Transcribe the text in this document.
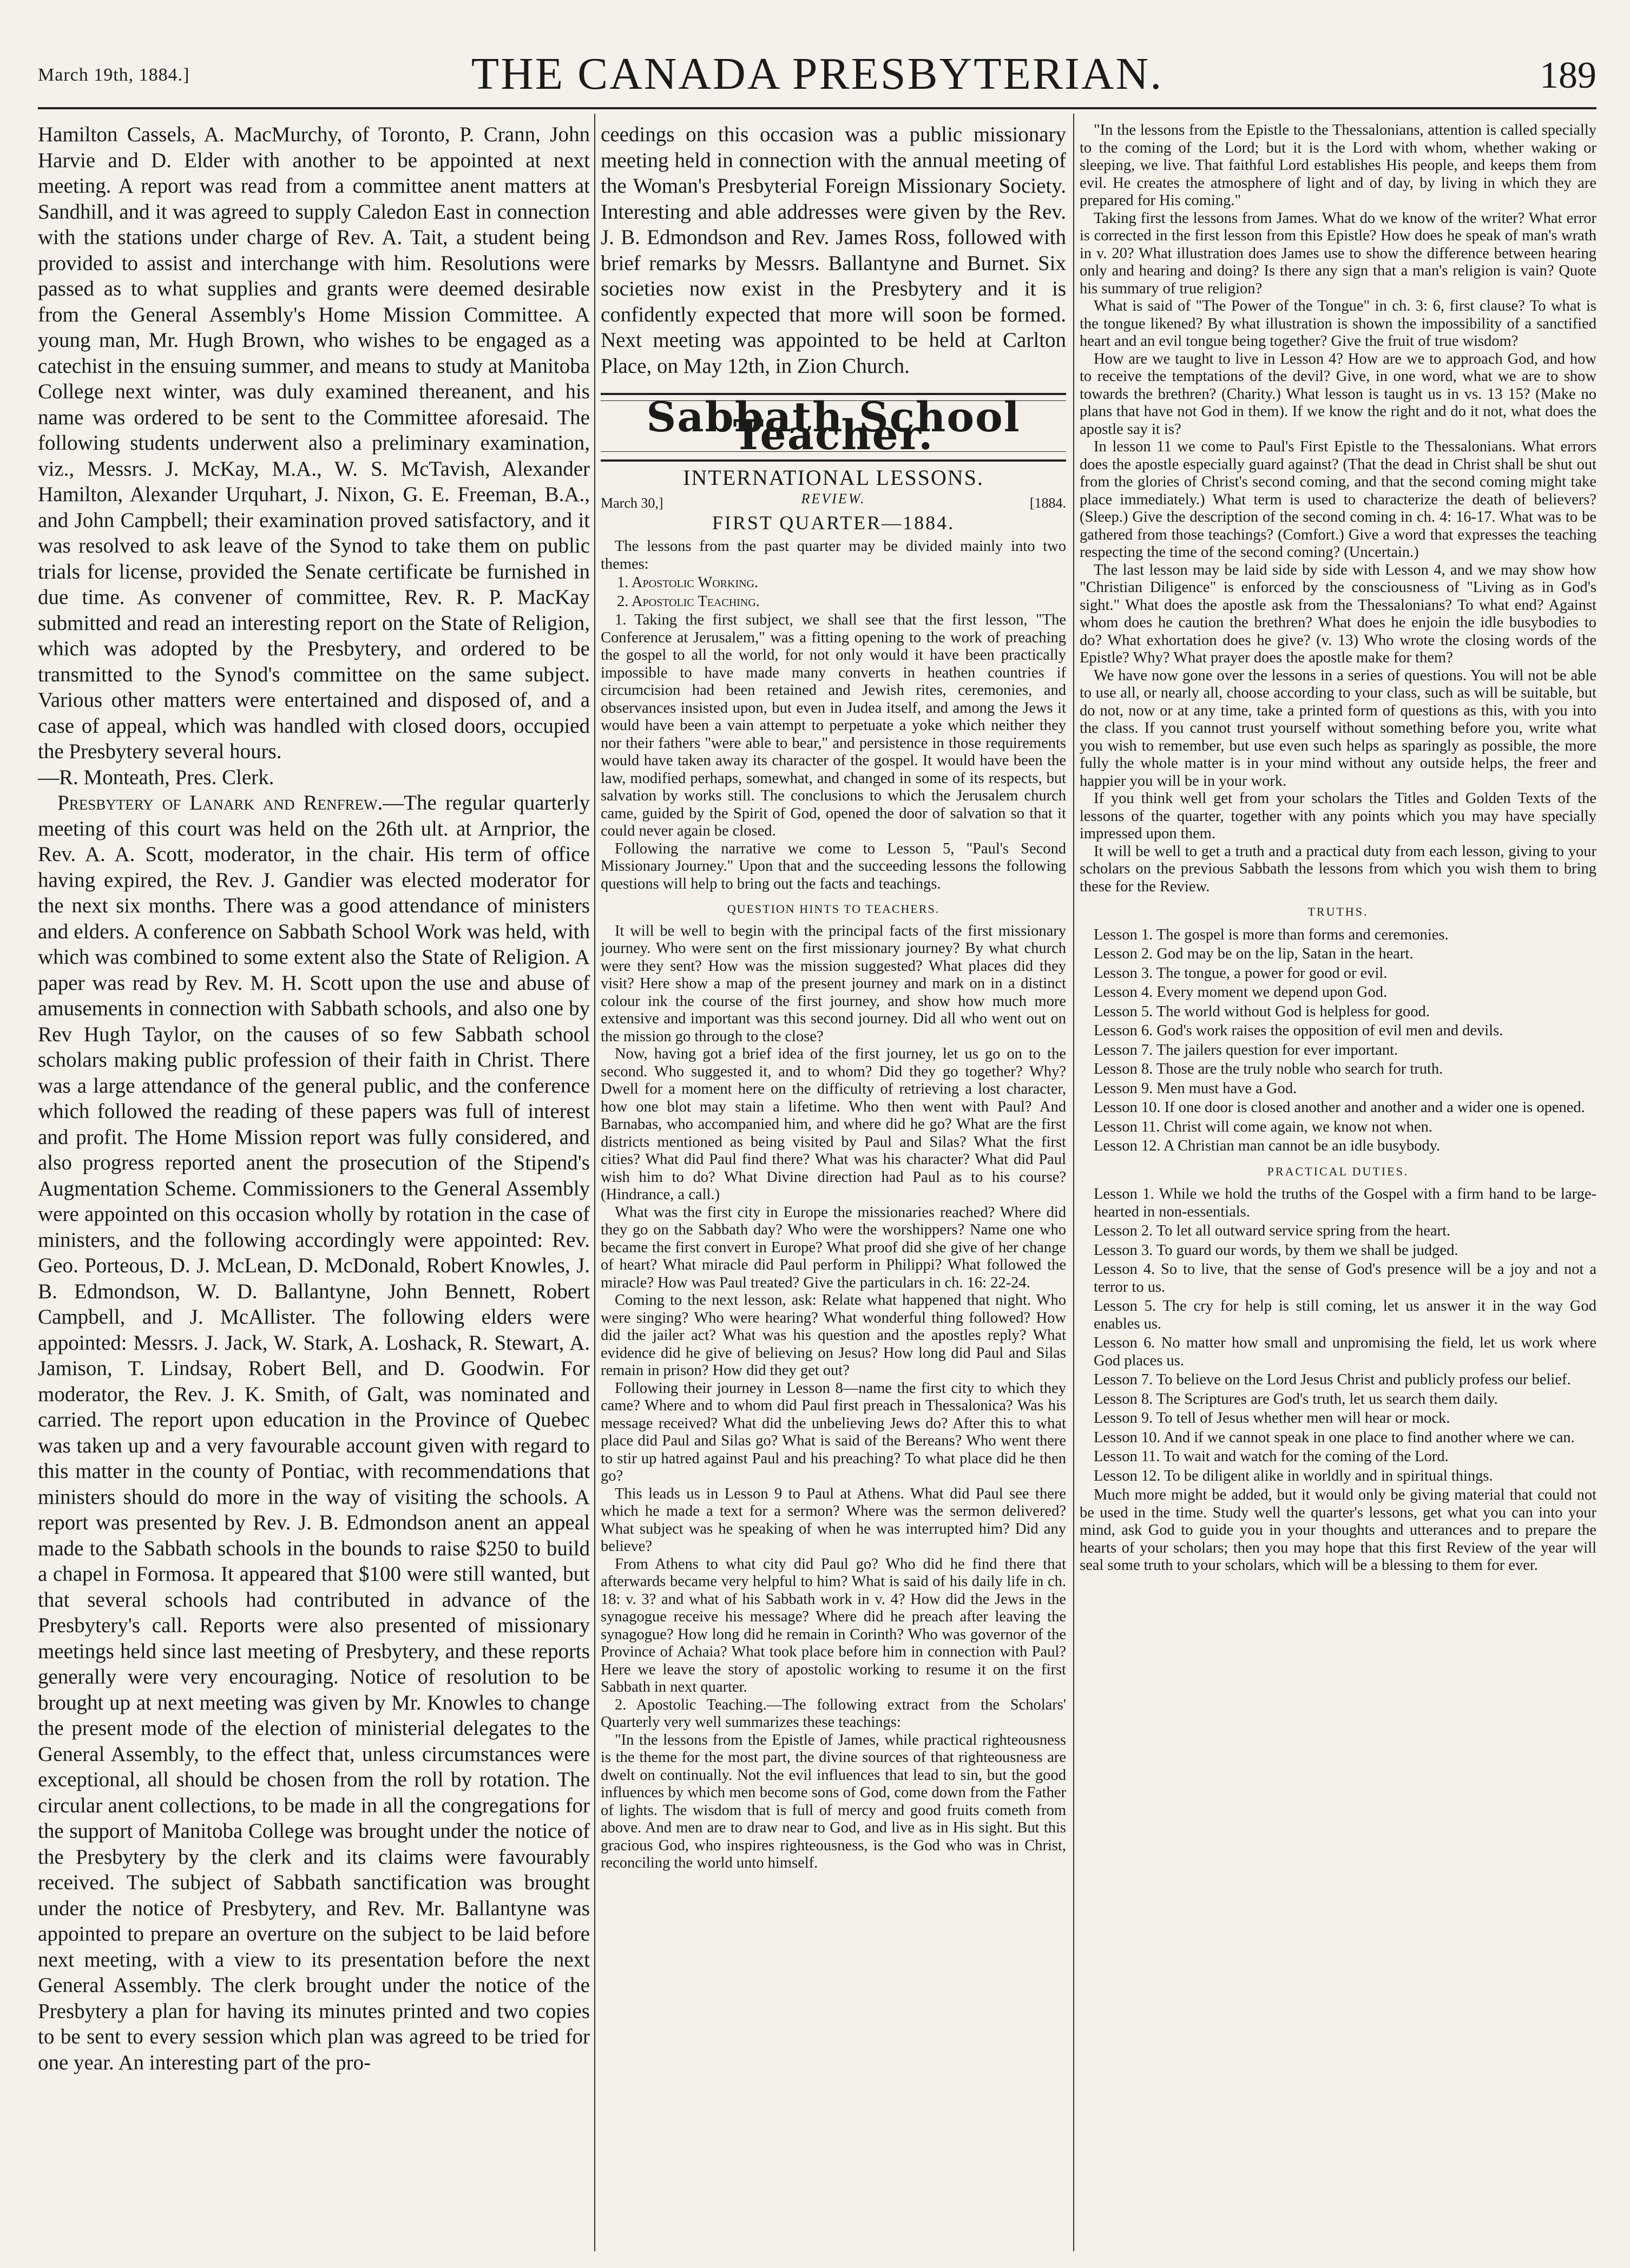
March 19th, 1884.]	THE CANADA PRESBYTERIAN.	189

Hamilton Cassels, A. MacMurchy, of Toronto, P. Crann, John Harvie and D. Elder with another to be appointed at next meeting. A report was read from a committee anent matters at Sandhill, and it was agreed to supply Caledon East in connection with the stations under charge of Rev. A. Tait, a student being provided to assist and interchange with him. Resolutions were passed as to what supplies and grants were deemed desirable from the General Assembly's Home Mission Committee. A young man, Mr. Hugh Brown, who wishes to be engaged as a catechist in the ensuing summer, and means to study at Manitoba College next winter, was duly examined thereanent, and his name was ordered to be sent to the Committee aforesaid. The following students underwent also a preliminary examination, viz., Messrs. J. McKay, M.A., W. S. McTavish, Alexander Hamilton, Alexander Urquhart, J. Nixon, G. E. Freeman, B.A., and John Campbell; their examination proved satisfactory, and it was resolved to ask leave of the Synod to take them on public trials for license, provided the Senate certificate be furnished in due time. As convener of committee, Rev. R. P. MacKay submitted and read an interesting report on the State of Religion, which was adopted by the Presbytery, and ordered to be transmitted to the Synod's committee on the same subject. Various other matters were entertained and disposed of, and a case of appeal, which was handled with closed doors, occupied the Presbytery several hours.

—R. Monteath, Pres. Clerk.

Presbytery of Lanark and Renfrew.—The regular quarterly meeting of this court was held on the 26th ult. at Arnprior, the Rev. A. A. Scott, moderator, in the chair. His term of office having expired, the Rev. J. Gandier was elected moderator for the next six months. There was a good attendance of ministers and elders. A conference on Sabbath School Work was held, with which was combined to some extent also the State of Religion. A paper was read by Rev. M. H. Scott upon the use and abuse of amusements in connection with Sabbath schools, and also one by Rev Hugh Taylor, on the causes of so few Sabbath school scholars making public profession of their faith in Christ. There was a large attendance of the general public, and the conference which followed the reading of these papers was full of interest and profit. The Home Mission report was fully considered, and also progress reported anent the prosecution of the Stipend's Augmentation Scheme. Commissioners to the General Assembly were appointed on this occasion wholly by rotation in the case of ministers, and the following accordingly were appointed: Rev. Geo. Porteous, D. J. McLean, D. McDonald, Robert Knowles, J. B. Edmondson, W. D. Ballantyne, John Bennett, Robert Campbell, and J. McAllister. The following elders were appointed: Messrs. J. Jack, W. Stark, A. Loshack, R. Stewart, A. Jamison, T. Lindsay, Robert Bell, and D. Goodwin. For moderator, the Rev. J. K. Smith, of Galt, was nominated and carried. The report upon education in the Province of Quebec was taken up and a very favourable account given with regard to this matter in the county of Pontiac, with recommendations that ministers should do more in the way of visiting the schools. A report was presented by Rev. J. B. Edmondson anent an appeal made to the Sabbath schools in the bounds to raise $250 to build a chapel in Formosa. It appeared that $100 were still wanted, but that several schools had contributed in advance of the Presbytery's call. Reports were also presented of missionary meetings held since last meeting of Presbytery, and these reports generally were very encouraging. Notice of resolution to be brought up at next meeting was given by Mr. Knowles to change the present mode of the election of ministerial delegates to the General Assembly, to the effect that, unless circumstances were exceptional, all should be chosen from the roll by rotation. The circular anent collections, to be made in all the congregations for the support of Manitoba College was brought under the notice of the Presbytery by the clerk and its claims were favourably received. The subject of Sabbath sanctification was brought under the notice of Presbytery, and Rev. Mr. Ballantyne was appointed to prepare an overture on the subject to be laid before next meeting, with a view to its presentation before the next General Assembly. The clerk brought under the notice of the Presbytery a plan for having its minutes printed and two copies to be sent to every session which plan was agreed to be tried for one year. An interesting part of the pro-

ceedings on this occasion was a public missionary meeting held in connection with the annual meeting of the Woman's Presbyterial Foreign Missionary Society. Interesting and able addresses were given by the Rev. J. B. Edmondson and Rev. James Ross, followed with brief remarks by Messrs. Ballantyne and Burnet. Six societies now exist in the Presbytery and it is confidently expected that more will soon be formed. Next meeting was appointed to be held at Carlton Place, on May 12th, in Zion Church.

Sabbath School Teacher.
INTERNATIONAL LESSONS.
March 30,]	REVIEW.	[1884.
FIRST QUARTER—1884.

The lessons from the past quarter may be divided mainly into two themes:

1. Apostolic Working.

2. Apostolic Teaching.

1. Taking the first subject, we shall see that the first lesson, "The Conference at Jerusalem," was a fitting opening to the work of preaching the gospel to all the world, for not only would it have been practically impossible to have made many converts in heathen countries if circumcision had been retained and Jewish rites, ceremonies, and observances insisted upon, but even in Judea itself, and among the Jews it would have been a vain attempt to perpetuate a yoke which neither they nor their fathers "were able to bear," and persistence in those requirements would have taken away its character of the gospel. It would have been the law, modified perhaps, somewhat, and changed in some of its respects, but salvation by works still. The conclusions to which the Jerusalem church came, guided by the Spirit of God, opened the door of salvation so that it could never again be closed.

Following the narrative we come to Lesson 5, "Paul's Second Missionary Journey." Upon that and the succeeding lessons the following questions will help to bring out the facts and teachings.

QUESTION HINTS TO TEACHERS.

It will be well to begin with the principal facts of the first missionary journey. Who were sent on the first missionary journey? By what church were they sent? How was the mission suggested? What places did they visit? Here show a map of the present journey and mark on in a distinct colour ink the course of the first journey, and show how much more extensive and important was this second journey. Did all who went out on the mission go through to the close?

Now, having got a brief idea of the first journey, let us go on to the second. Who suggested it, and to whom? Did they go together? Why? Dwell for a moment here on the difficulty of retrieving a lost character, how one blot may stain a lifetime. Who then went with Paul? And Barnabas, who accompanied him, and where did he go? What are the first districts mentioned as being visited by Paul and Silas? What the first cities? What did Paul find there? What was his character? What did Paul wish him to do? What Divine direction had Paul as to his course? (Hindrance, a call.)

What was the first city in Europe the missionaries reached? Where did they go on the Sabbath day? Who were the worshippers? Name one who became the first convert in Europe? What proof did she give of her change of heart? What miracle did Paul perform in Philippi? What followed the miracle? How was Paul treated? Give the particulars in ch. 16: 22-24.

Coming to the next lesson, ask: Relate what happened that night. Who were singing? Who were hearing? What wonderful thing followed? How did the jailer act? What was his question and the apostles reply? What evidence did he give of believing on Jesus? How long did Paul and Silas remain in prison? How did they get out?

Following their journey in Lesson 8—name the first city to which they came? Where and to whom did Paul first preach in Thessalonica? Was his message received? What did the unbelieving Jews do? After this to what place did Paul and Silas go? What is said of the Bereans? Who went there to stir up hatred against Paul and his preaching? To what place did he then go?

This leads us in Lesson 9 to Paul at Athens. What did Paul see there which he made a text for a sermon? Where was the sermon delivered? What subject was he speaking of when he was interrupted him? Did any believe?

From Athens to what city did Paul go? Who did he find there that afterwards became very helpful to him? What is said of his daily life in ch. 18: v. 3? and what of his Sabbath work in v. 4? How did the Jews in the synagogue receive his message? Where did he preach after leaving the synagogue? How long did he remain in Corinth? Who was governor of the Province of Achaia? What took place before him in connection with Paul? Here we leave the story of apostolic working to resume it on the first Sabbath in next quarter.

2. Apostolic Teaching.—The following extract from the Scholars' Quarterly very well summarizes these teachings:

"In the lessons from the Epistle of James, while practical righteousness is the theme for the most part, the divine sources of that righteousness are dwelt on continually. Not the evil influences that lead to sin, but the good influences by which men become sons of God, come down from the Father of lights. The wisdom that is full of mercy and good fruits cometh from above. And men are to draw near to God, and live as in His sight. But this gracious God, who inspires righteousness, is the God who was in Christ, reconciling the world unto himself.

"In the lessons from the Epistle to the Thessalonians, attention is called specially to the coming of the Lord; but it is the Lord with whom, whether waking or sleeping, we live. That faithful Lord establishes His people, and keeps them from evil. He creates the atmosphere of light and of day, by living in which they are prepared for His coming."

Taking first the lessons from James. What do we know of the writer? What error is corrected in the first lesson from this Epistle? How does he speak of man's wrath in v. 20? What illustration does James use to show the difference between hearing only and hearing and doing? Is there any sign that a man's religion is vain? Quote his summary of true religion?

What is said of "The Power of the Tongue" in ch. 3: 6, first clause? To what is the tongue likened? By what illustration is shown the impossibility of a sanctified heart and an evil tongue being together? Give the fruit of true wisdom?

How are we taught to live in Lesson 4? How are we to approach God, and how to receive the temptations of the devil? Give, in one word, what we are to show towards the brethren? (Charity.) What lesson is taught us in vs. 13 15? (Make no plans that have not God in them). If we know the right and do it not, what does the apostle say it is?

In lesson 11 we come to Paul's First Epistle to the Thessalonians. What errors does the apostle especially guard against? (That the dead in Christ shall be shut out from the glories of Christ's second coming, and that the second coming might take place immediately.) What term is used to characterize the death of believers? (Sleep.) Give the description of the second coming in ch. 4: 16-17. What was to be gathered from those teachings? (Comfort.) Give a word that expresses the teaching respecting the time of the second coming? (Uncertain.)

The last lesson may be laid side by side with Lesson 4, and we may show how "Christian Diligence" is enforced by the consciousness of "Living as in God's sight." What does the apostle ask from the Thessalonians? To what end? Against whom does he caution the brethren? What does he enjoin the idle busybodies to do? What exhortation does he give? (v. 13) Who wrote the closing words of the Epistle? Why? What prayer does the apostle make for them?

We have now gone over the lessons in a series of questions. You will not be able to use all, or nearly all, choose according to your class, such as will be suitable, but do not, now or at any time, take a printed form of questions as this, with you into the class. If you cannot trust yourself without something before you, write what you wish to remember, but use even such helps as sparingly as possible, the more fully the whole matter is in your mind without any outside helps, the freer and happier you will be in your work.

If you think well get from your scholars the Titles and Golden Texts of the lessons of the quarter, together with any points which you may have specially impressed upon them.

It will be well to get a truth and a practical duty from each lesson, giving to your scholars on the previous Sabbath the lessons from which you wish them to bring these for the Review.

TRUTHS.

Lesson 1. The gospel is more than forms and ceremonies.

Lesson 2. God may be on the lip, Satan in the heart.

Lesson 3. The tongue, a power for good or evil.

Lesson 4. Every moment we depend upon God.

Lesson 5. The world without God is helpless for good.

Lesson 6. God's work raises the opposition of evil men and devils.

Lesson 7. The jailers question for ever important.

Lesson 8. Those are the truly noble who search for truth.

Lesson 9. Men must have a God.

Lesson 10. If one door is closed another and another and a wider one is opened.

Lesson 11. Christ will come again, we know not when.

Lesson 12. A Christian man cannot be an idle busybody.

PRACTICAL DUTIES.

Lesson 1. While we hold the truths of the Gospel with a firm hand to be large-hearted in non-essentials.

Lesson 2. To let all outward service spring from the heart.

Lesson 3. To guard our words, by them we shall be judged.

Lesson 4. So to live, that the sense of God's presence will be a joy and not a terror to us.

Lesson 5. The cry for help is still coming, let us answer it in the way God enables us.

Lesson 6. No matter how small and unpromising the field, let us work where God places us.

Lesson 7. To believe on the Lord Jesus Christ and publicly profess our belief.

Lesson 8. The Scriptures are God's truth, let us search them daily.

Lesson 9. To tell of Jesus whether men will hear or mock.

Lesson 10. And if we cannot speak in one place to find another where we can.

Lesson 11. To wait and watch for the coming of the Lord.

Lesson 12. To be diligent alike in worldly and in spiritual things.

Much more might be added, but it would only be giving material that could not be used in the time. Study well the quarter's lessons, get what you can into your mind, ask God to guide you in your thoughts and utterances and to prepare the hearts of your scholars; then you may hope that this first Review of the year will seal some truth to your scholars, which will be a blessing to them for ever.
